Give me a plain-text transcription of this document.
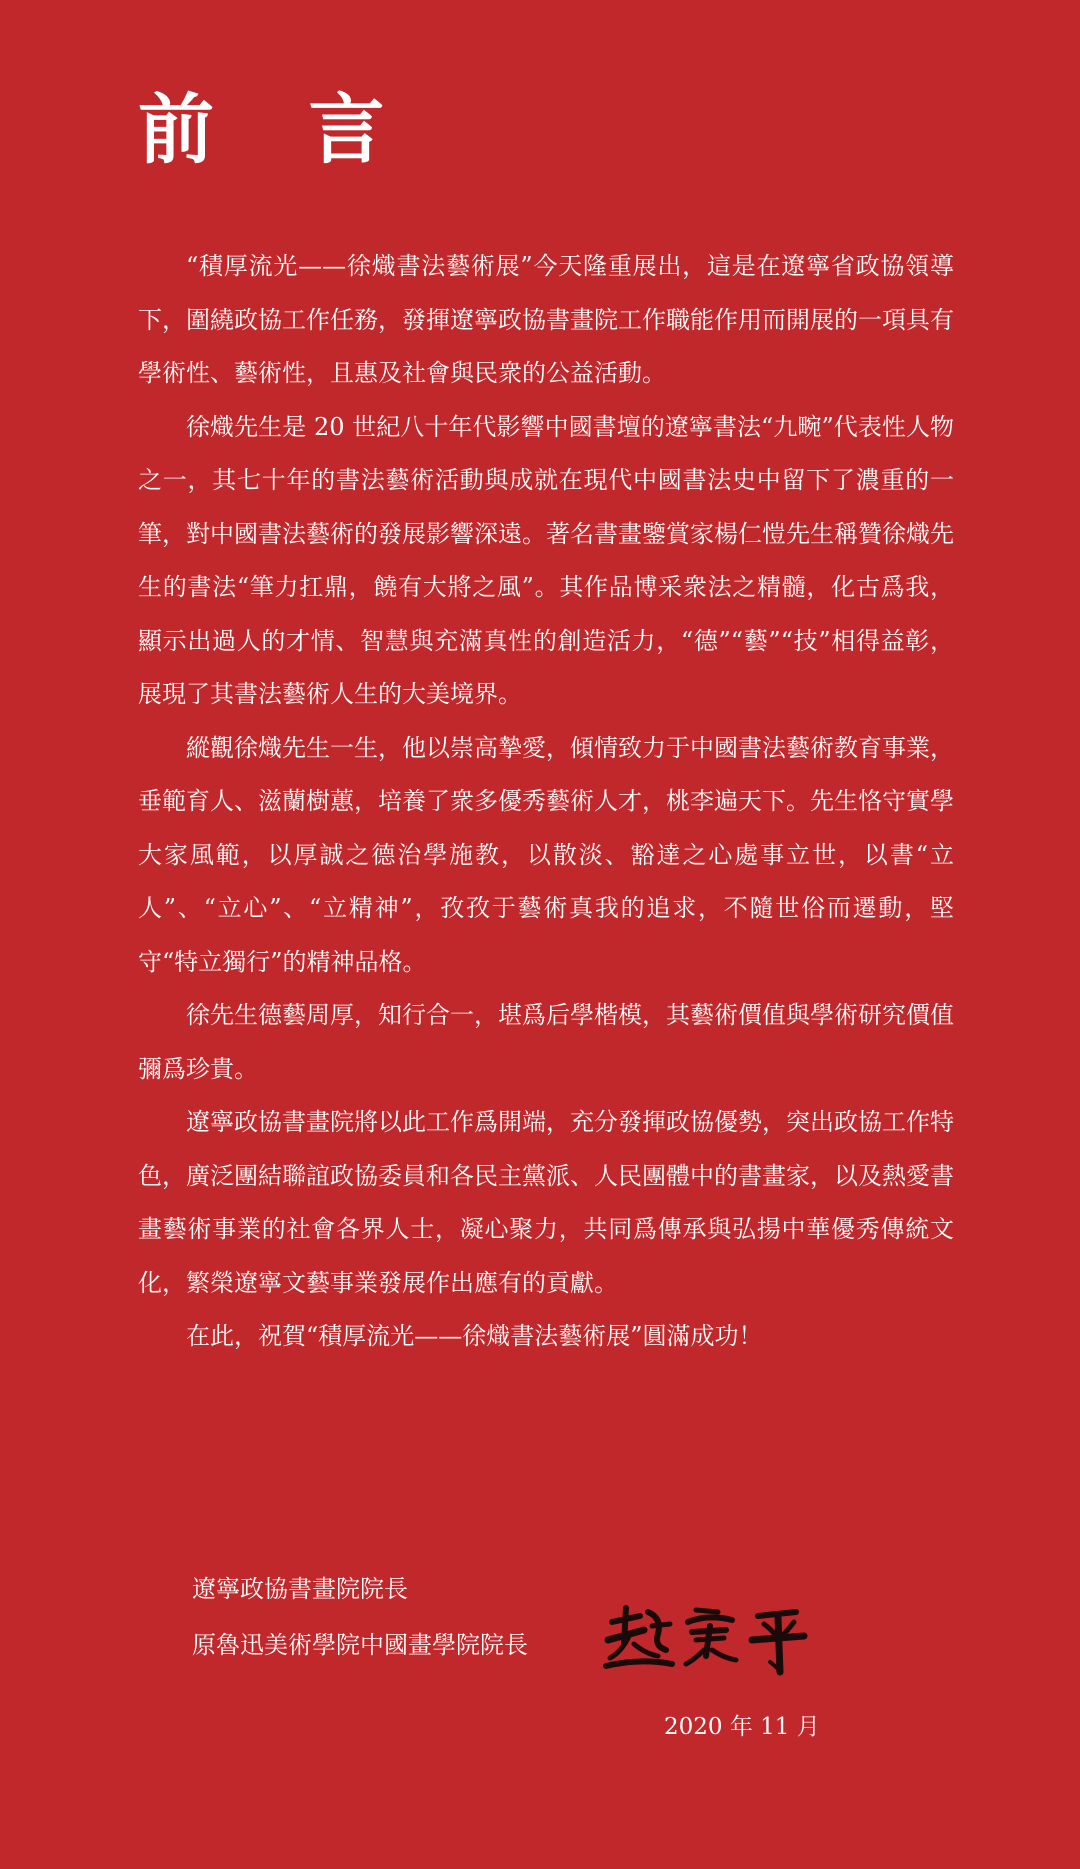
前 言

“積厚流光——徐熾書法藝術展”今天隆重展出，這是在遼寧省政協領導下，圍繞政協工作任務，發揮遼寧政協書畫院工作職能作用而開展的一項具有學術性、藝術性，且惠及社會與民衆的公益活動。

徐熾先生是 20 世紀八十年代影響中國書壇的遼寧書法“九畹”代表性人物之一，其七十年的書法藝術活動與成就在現代中國書法史中留下了濃重的一筆，對中國書法藝術的發展影響深遠。著名書畫鑒賞家楊仁愷先生稱贊徐熾先生的書法“筆力扛鼎，饒有大將之風”。其作品博采衆法之精髓，化古爲我，顯示出過人的才情、智慧與充滿真性的創造活力，“德”“藝”“技”相得益彰，展現了其書法藝術人生的大美境界。

縱觀徐熾先生一生，他以崇高摯愛，傾情致力于中國書法藝術教育事業，垂範育人、滋蘭樹蕙，培養了衆多優秀藝術人才，桃李遍天下。先生恪守實學大家風範，以厚誠之德治學施教，以散淡、豁達之心處事立世，以書“立人”、“立心”、“立精神”，孜孜于藝術真我的追求，不隨世俗而遷動，堅守“特立獨行”的精神品格。

徐先生德藝周厚，知行合一，堪爲后學楷模，其藝術價值與學術研究價值彌爲珍貴。

遼寧政協書畫院將以此工作爲開端，充分發揮政協優勢，突出政協工作特色，廣泛團結聯誼政協委員和各民主黨派、人民團體中的書畫家，以及熱愛書畫藝術事業的社會各界人士，凝心聚力，共同爲傳承與弘揚中華優秀傳統文化，繁榮遼寧文藝事業發展作出應有的貢獻。

在此，祝賀“積厚流光——徐熾書法藝術展”圓滿成功！

遼寧政協書畫院院長
原魯迅美術學院中國畫學院院長
2020 年 11 月
